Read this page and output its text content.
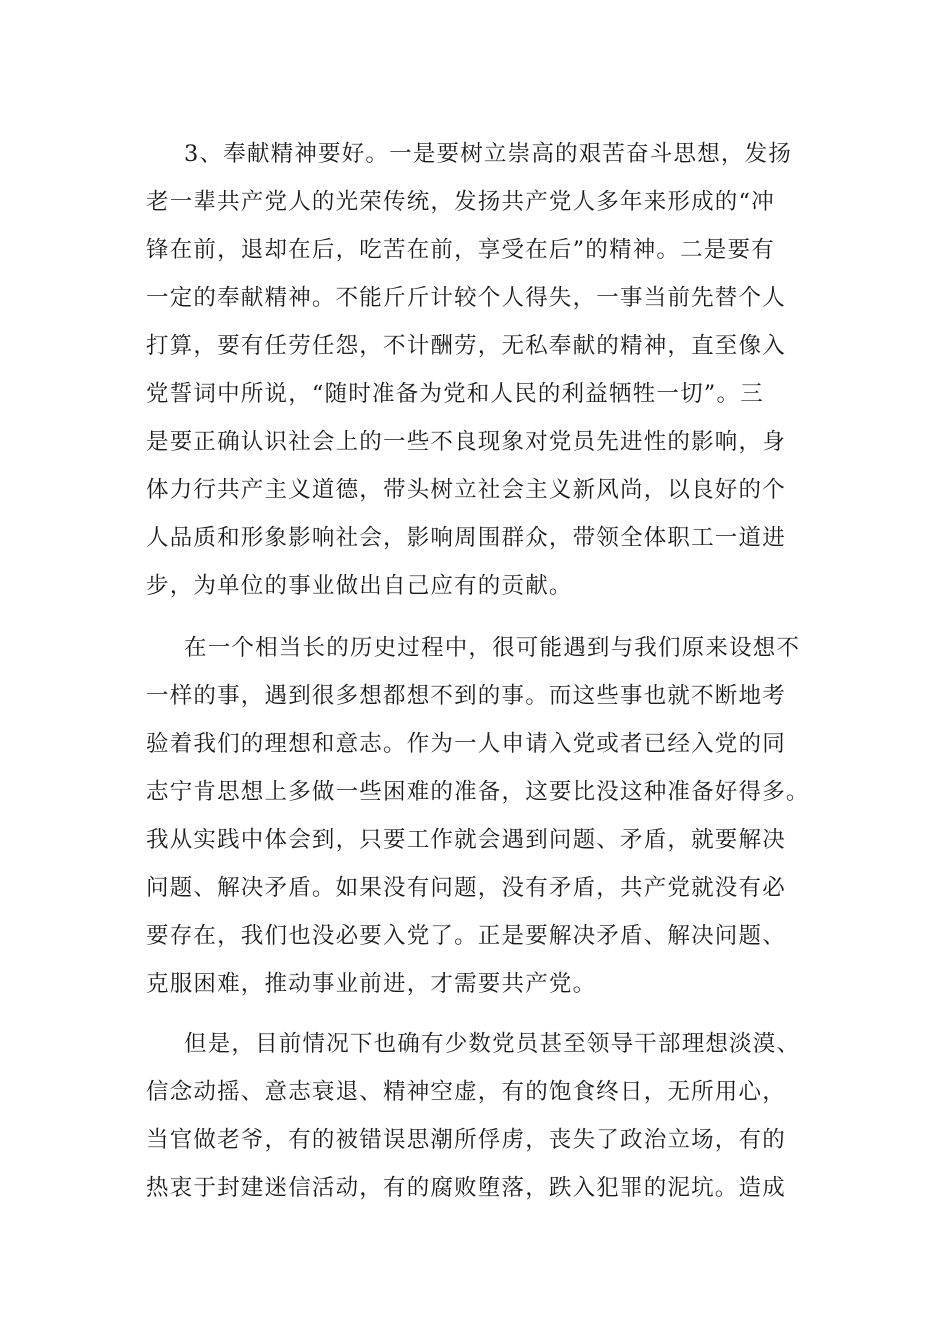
3、奉献精神要好。一是要树立崇高的艰苦奋斗思想，发扬
老一辈共产党人的光荣传统，发扬共产党人多年来形成的“冲
锋在前，退却在后，吃苦在前，享受在后”的精神。二是要有
一定的奉献精神。不能斤斤计较个人得失，一事当前先替个人
打算，要有任劳任怨，不计酬劳，无私奉献的精神，直至像入
党誓词中所说，“随时准备为党和人民的利益牺牲一切”。三
是要正确认识社会上的一些不良现象对党员先进性的影响，身
体力行共产主义道德，带头树立社会主义新风尚，以良好的个
人品质和形象影响社会，影响周围群众，带领全体职工一道进
步，为单位的事业做出自己应有的贡献。
在一个相当长的历史过程中，很可能遇到与我们原来设想不
一样的事，遇到很多想都想不到的事。而这些事也就不断地考
验着我们的理想和意志。作为一人申请入党或者已经入党的同
志宁肯思想上多做一些困难的准备，这要比没这种准备好得多。
我从实践中体会到，只要工作就会遇到问题、矛盾，就要解决
问题、解决矛盾。如果没有问题，没有矛盾，共产党就没有必
要存在，我们也没必要入党了。正是要解决矛盾、解决问题、
克服困难，推动事业前进，才需要共产党。
但是，目前情况下也确有少数党员甚至领导干部理想淡漠、
信念动摇、意志衰退、精神空虚，有的饱食终日，无所用心，
当官做老爷，有的被错误思潮所俘虏，丧失了政治立场，有的
热衷于封建迷信活动，有的腐败堕落，跌入犯罪的泥坑。造成
